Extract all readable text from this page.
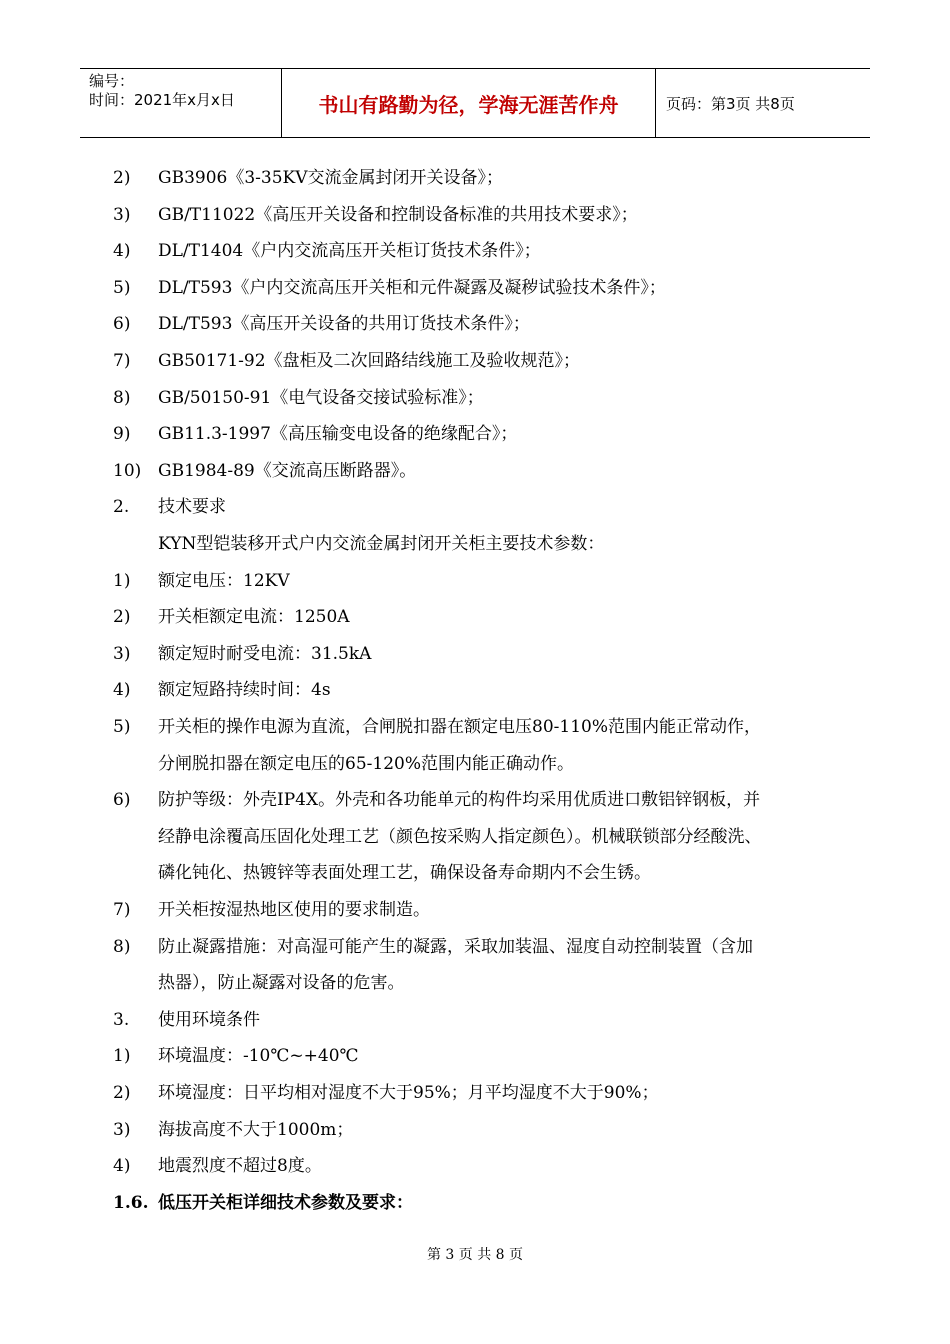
编号：
时间：2021年x月x日	书山有路勤为径，学海无涯苦作舟	页码：第3页 共8页
2) GB3906《3-35KV交流金属封闭开关设备》；
3) GB/T11022《高压开关设备和控制设备标准的共用技术要求》；
4) DL/T1404《户内交流高压开关柜订货技术条件》；
5) DL/T593《户内交流高压开关柜和元件凝露及凝秽试验技术条件》；
6) DL/T593《高压开关设备的共用订货技术条件》；
7) GB50171-92《盘柜及二次回路结线施工及验收规范》；
8) GB/50150-91《电气设备交接试验标准》；
9) GB11.3-1997《高压输变电设备的绝缘配合》；
10) GB1984-89《交流高压断路器》。
2. 技术要求
KYN型铠装移开式户内交流金属封闭开关柜主要技术参数：
1) 额定电压：12KV
2) 开关柜额定电流：1250A
3) 额定短时耐受电流：31.5kA
4) 额定短路持续时间：4s
5) 开关柜的操作电源为直流，合闸脱扣器在额定电压80-110%范围内能正常动作，
分闸脱扣器在额定电压的65-120%范围内能正确动作。
6) 防护等级：外壳IP4X。外壳和各功能单元的构件均采用优质进口敷铝锌钢板，并
经静电涂覆高压固化处理工艺（颜色按采购人指定颜色）。机械联锁部分经酸洗、
磷化钝化、热镀锌等表面处理工艺，确保设备寿命期内不会生锈。
7) 开关柜按湿热地区使用的要求制造。
8) 防止凝露措施：对高湿可能产生的凝露，采取加装温、湿度自动控制装置（含加
热器），防止凝露对设备的危害。
3. 使用环境条件
1) 环境温度：-10℃~+40℃
2) 环境湿度：日平均相对湿度不大于95%；月平均湿度不大于90%；
3) 海拔高度不大于1000m；
4) 地震烈度不超过8度。
1.6. 低压开关柜详细技术参数及要求：
第 3 页 共 8 页
